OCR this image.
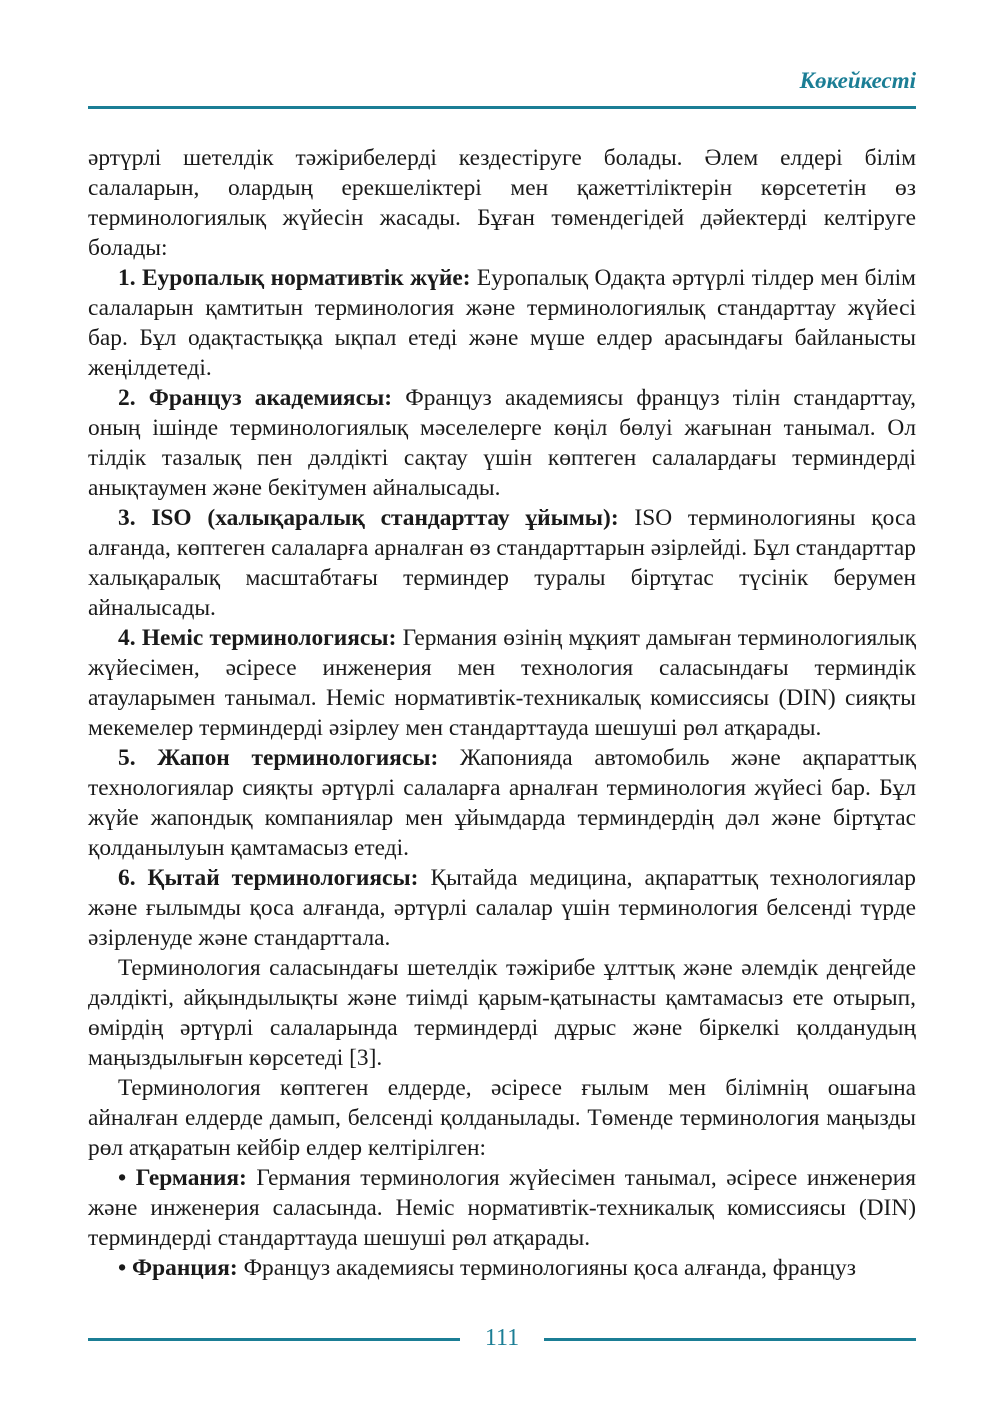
Көкейкесті

әртүрлі шетелдік тәжірибелерді кездестіруге болады. Әлем елдері білім салаларын, олардың ерекшеліктері мен қажеттіліктерін көрсететін өз терминологиялық жүйесін жасады. Бұған төмендегідей дәйектерді келтіруге болады:

1. Еуропалық нормативтік жүйе: Еуропалық Одақта әртүрлі тілдер мен білім салаларын қамтитын терминология және терминологиялық стандарттау жүйесі бар. Бұл одақтастыққа ықпал етеді және мүше елдер арасындағы байланысты жеңілдетеді.

2. Француз академиясы: Француз академиясы француз тілін стандарттау, оның ішінде терминологиялық мәселелерге көңіл бөлуі жағынан танымал. Ол тілдік тазалық пен дәлдікті сақтау үшін көптеген салалардағы терминдерді анықтаумен және бекітумен айналысады.

3. ISO (халықаралық стандарттау ұйымы): ISO терминологияны қоса алғанда, көптеген салаларға арналған өз стандарттарын әзірлейді. Бұл стандарттар халықаралық масштабтағы терминдер туралы біртұтас түсінік берумен айналысады.

4. Неміс терминологиясы: Германия өзінің мұқият дамыған терминологиялық жүйесімен, әсіресе инженерия мен технология саласындағы терминдік атауларымен танымал. Неміс нормативтік-техникалық комиссиясы (DIN) сияқты мекемелер терминдерді әзірлеу мен стандарттауда шешуші рөл атқарады.

5. Жапон терминологиясы: Жапонияда автомобиль және ақпараттық технологиялар сияқты әртүрлі салаларға арналған терминология жүйесі бар. Бұл жүйе жапондық компаниялар мен ұйымдарда терминдердің дәл және біртұтас қолданылуын қамтамасыз етеді.

6. Қытай терминологиясы: Қытайда медицина, ақпараттық технологиялар және ғылымды қоса алғанда, әртүрлі салалар үшін терминология белсенді түрде әзірленуде және стандарттала.

Терминология саласындағы шетелдік тәжірибе ұлттық және әлемдік деңгейде дәлдікті, айқындылықты және тиімді қарым-қатынасты қамтамасыз ете отырып, өмірдің әртүрлі салаларында терминдерді дұрыс және біркелкі қолданудың маңыздылығын көрсетеді [3].

Терминология көптеген елдерде, әсіресе ғылым мен білімнің ошағына айналған елдерде дамып, белсенді қолданылады. Төменде терминология маңызды рөл атқаратын кейбір елдер келтірілген:

• Германия: Германия терминология жүйесімен танымал, әсіресе инженерия және инженерия саласында. Неміс нормативтік-техникалық комиссиясы (DIN) терминдерді стандарттауда шешуші рөл атқарады.

• Франция: Француз академиясы терминологияны қоса алғанда, француз

111
